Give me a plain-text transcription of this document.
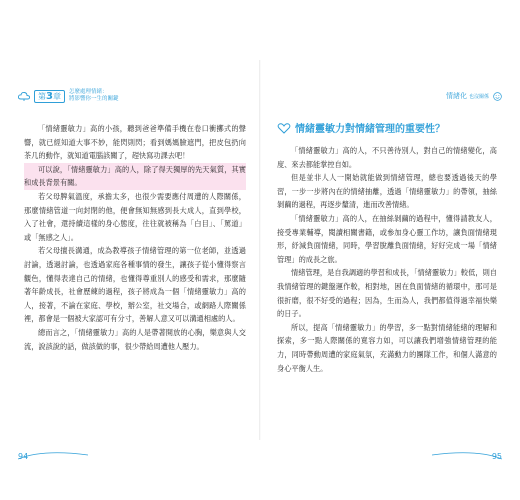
第3章	怎麼處理情緒：
將影響你一生的關鍵

「情緒靈敏力」高的小孩，聽到爸爸準備手機在卷口衝擲式的聲響，就已經知道大事不妙，能閃則閃；看到媽媽臉遮門，把皮包扔向茶几的動作，就知道電腦該關了，趕快寫功課去吧！

可以說，「情緒靈敏力」高的人，除了得天獨厚的先天氣質，其實和成長背景有關。

若父母脾氣溫度，承擔太多，也很少需要應付周遭的人際關係，那麼情緒管道一向封閉的他，便會無知無感到長大成人，直到學校，入了社會，還持續這樣的身心態度，往往就被稱為「白目」、「罵道」或「無感之人」。

若父母擅長溝通，成為教導孩子情緒管理的第一位老師，並透過討論，透過討論，也透過家庭各種事情的發生，讓孩子從小懂得察言觀色，懂得表達自己的情緒，也懂得尊重別人的感受和需求，那麼隨著年齡成長，社會歷練的過程，孩子將成為一個「情緒靈敏力」高的人，接著，不論在家庭、學校，辦公室，社交場合，或網路人際關係裡，都會是一個被大家認可有分寸，善解人意又可以溝通相處的人。

總而言之，「情緒靈敏力」高的人是帶著開放的心胸，樂意與人交流，說該說的話，做該做的事，很少帶給周遭他人壓力。

94
情緒化 也沒關係
情緒靈敏力對情緒管理的重要性？

「情緒靈敏力」高的人，不只善待別人，對自己的情緒變化，高度、來去都能掌控自如。

但是並非人人一開始就能做到情緒管理，總也要透過後天的學習，一步一步將內在的情緒抽離，透過「情緒靈敏力」的帶領，抽絲剝繭的過程，再逐步釐清，進而改善情緒。

「情緒靈敏力」高的人，在抽絲剝繭的過程中，懂得請教友人，接受專業輔導，閱讀相關書籍，或參加身心靈工作坊，讓負面情緒現形，紓減負面情緒，同時，學習脫離負面情緒，好好完成一場「情緒管理」的成長之旅。

情緒管理，是自我調適的學習和成長，「情緒靈敏力」較低，則自我情緒管理的鍵盤運作較，相對地，困在負面情緒的循環中，那可是很折磨，很不好受的過程；因為，生而為人，我們都值得過幸福快樂的日子。

所以，提高「情緒靈敏力」的學習，多一點對情緒能緒的理解和探索，多一點人際關係的寬容力如，可以讓我們增強情緒管理的能力，同時帶動周遭的家庭氣氛，充滿動力的團隊工作，和個人滿意的身心平衡人生。

95
